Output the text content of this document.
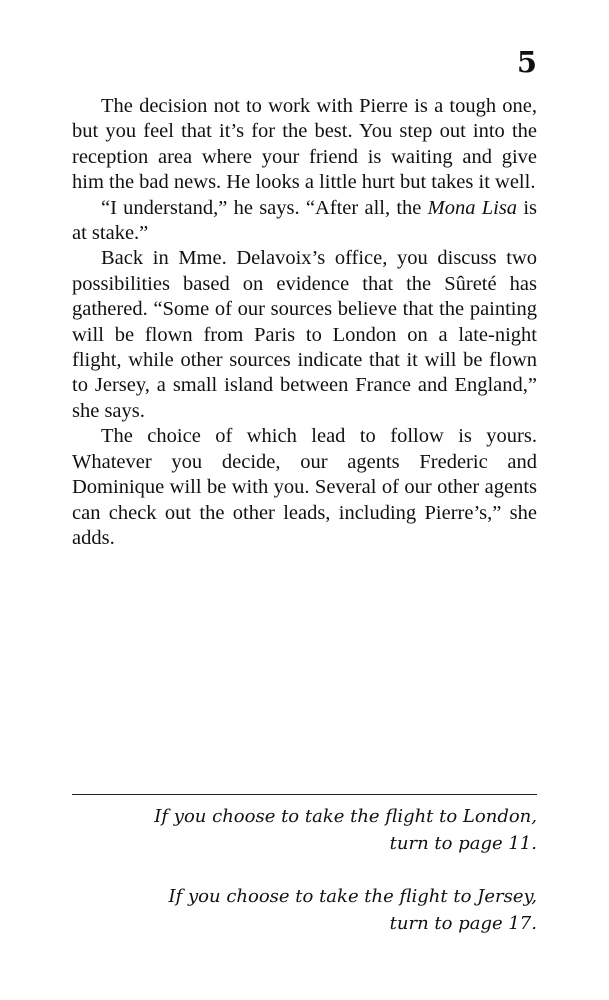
5

The decision not to work with Pierre is a tough one, but you feel that it’s for the best. You step out into the reception area where your friend is waiting and give him the bad news. He looks a little hurt but takes it well.

“I understand,” he says. “After all, the Mona Lisa is at stake.”

Back in Mme. Delavoix’s office, you discuss two possibilities based on evidence that the Sûreté has gathered. “Some of our sources believe that the painting will be flown from Paris to London on a late-night flight, while other sources indicate that it will be flown to Jersey, a small island between France and England,” she says.

The choice of which lead to follow is yours. Whatever you decide, our agents Frederic and Dominique will be with you. Several of our other agents can check out the other leads, including Pierre’s,” she adds.

If you choose to take the flight to London,
turn to page 11.
If you choose to take the flight to Jersey,
turn to page 17.
